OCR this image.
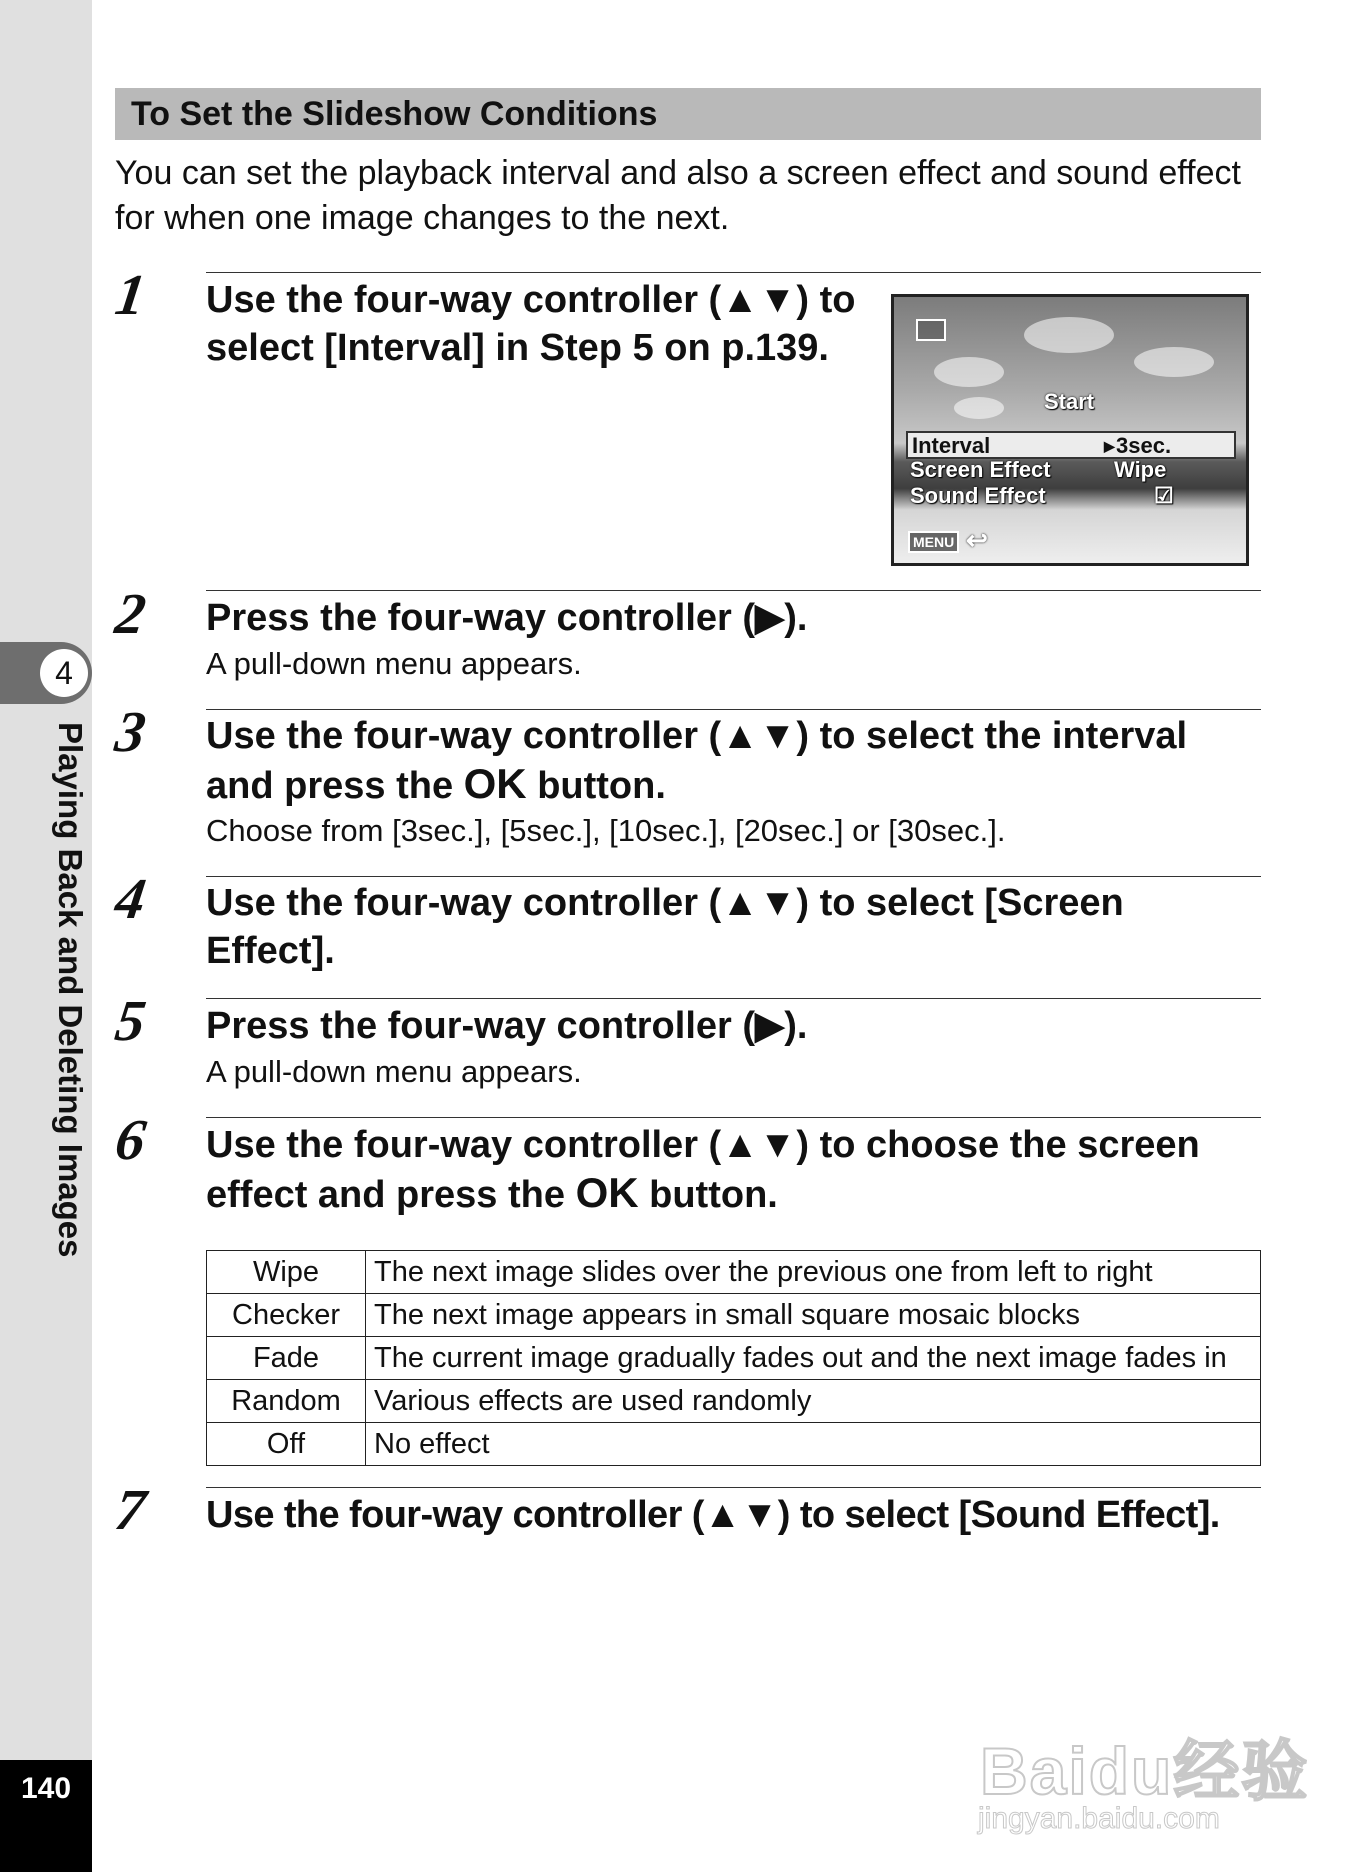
4
Playing Back and Deleting Images
140
To Set the Slideshow Conditions
You can set the playback interval and also a screen effect and sound effect for when one image changes to the next.
1 Use the four-way controller (▲▼) to select [Interval] in Step 5 on p.139.
Start
Interval	▶ 3sec.
Screen Effect	Wipe
Sound Effect	☑
MENU ↩
2 Press the four-way controller (▶).
A pull-down menu appears.
3 Use the four-way controller (▲▼) to select the interval and press the OK button.
Choose from [3sec.], [5sec.], [10sec.], [20sec.] or [30sec.].
4 Use the four-way controller (▲▼) to select [Screen Effect].
5 Press the four-way controller (▶).
A pull-down menu appears.
6 Use the four-way controller (▲▼) to choose the screen effect and press the OK button.
Wipe	The next image slides over the previous one from left to right
Checker	The next image appears in small square mosaic blocks
Fade	The current image gradually fades out and the next image fades in
Random	Various effects are used randomly
Off	No effect
7 Use the four-way controller (▲▼) to select [Sound Effect].
Baidu经验
jingyan.baidu.com
